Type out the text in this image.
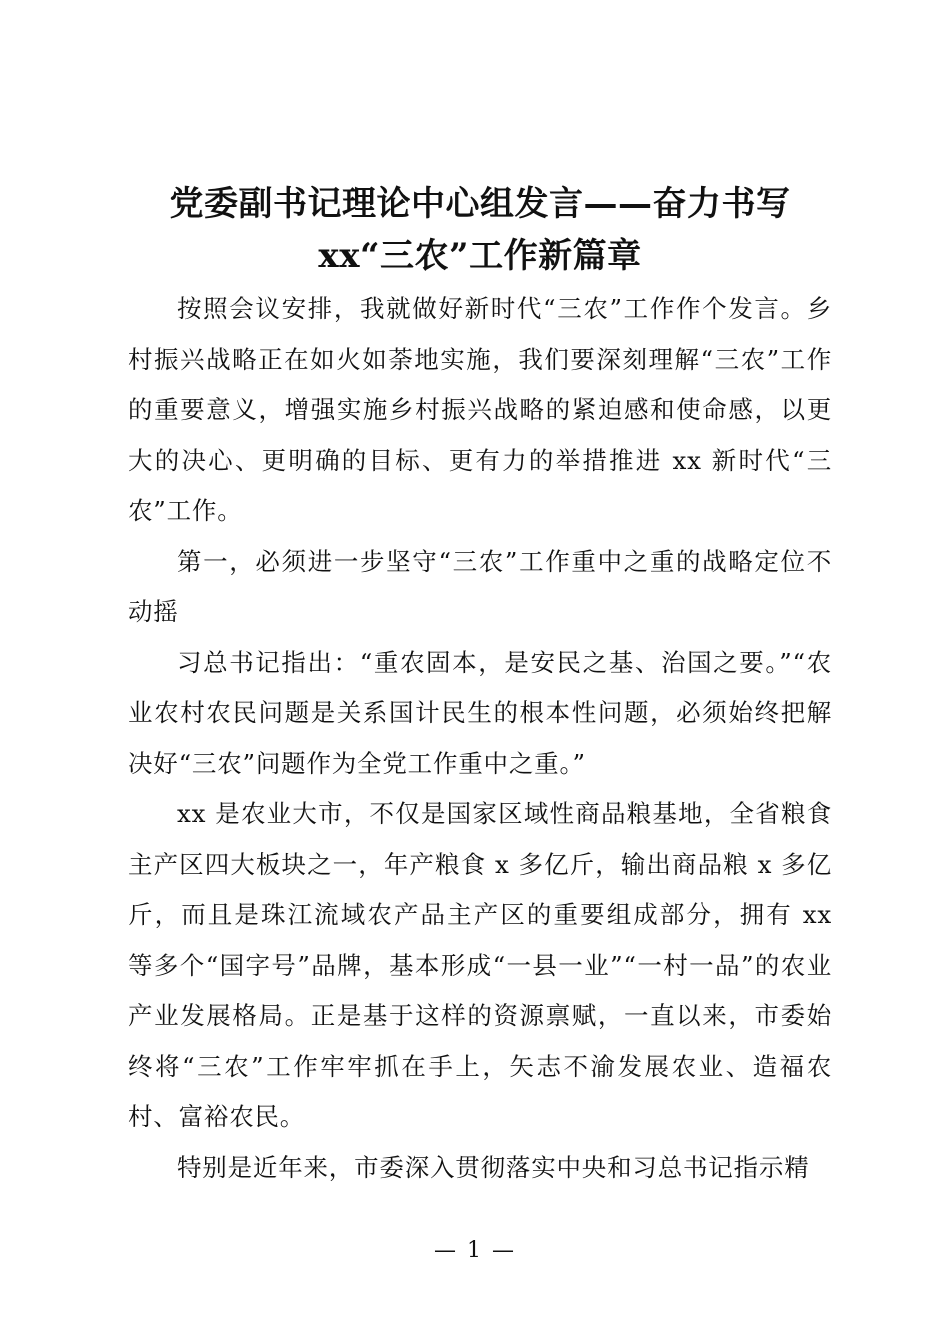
党委副书记理论中心组发言——奋力书写
xx“三农”工作新篇章

按照会议安排，我就做好新时代“三农”工作作个发言。乡村振兴战略正在如火如荼地实施，我们要深刻理解“三农”工作的重要意义，增强实施乡村振兴战略的紧迫感和使命感，以更大的决心、更明确的目标、更有力的举措推进 xx 新时代“三农”工作。

第一，必须进一步坚守“三农”工作重中之重的战略定位不动摇

习总书记指出：“重农固本，是安民之基、治国之要。”“农业农村农民问题是关系国计民生的根本性问题，必须始终把解决好“三农”问题作为全党工作重中之重。”

xx 是农业大市，不仅是国家区域性商品粮基地，全省粮食主产区四大板块之一，年产粮食 x 多亿斤，输出商品粮 x 多亿斤，而且是珠江流域农产品主产区的重要组成部分，拥有 xx 等多个“国字号”品牌，基本形成“一县一业”“一村一品”的农业产业发展格局。正是基于这样的资源禀赋，一直以来，市委始终将“三农”工作牢牢抓在手上，矢志不渝发展农业、造福农村、富裕农民。

特别是近年来，市委深入贯彻落实中央和习总书记指示精

— 1 —
